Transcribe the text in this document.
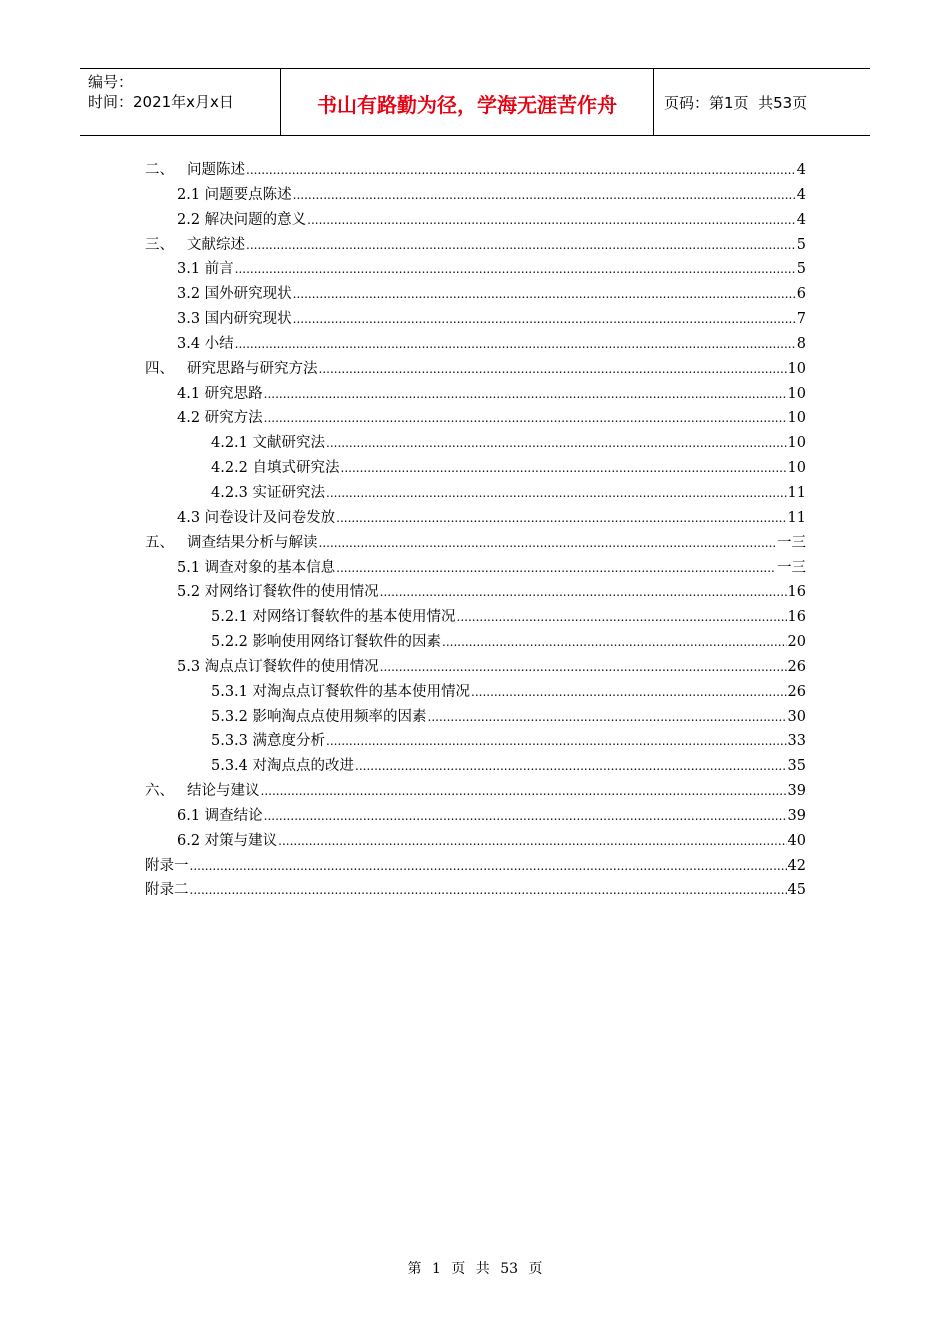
编号：
时间：2021年x月x日	书山有路勤为径，学海无涯苦作舟	页码：第1页  共53页
二、 问题陈述 .....	4
2.1 问题要点陈述 .....	4
2.2 解决问题的意义 .....	4
三、 文献综述 .....	5
3.1 前言 .....	5
3.2 国外研究现状 .....	6
3.3 国内研究现状 .....	7
3.4 小结 .....	8
四、 研究思路与研究方法 .....	10
4.1 研究思路 .....	10
4.2 研究方法 .....	10
4.2.1 文献研究法 .....	10
4.2.2 自填式研究法 .....	10
4.2.3 实证研究法 .....	11
4.3 问卷设计及问卷发放 .....	11
五、 调查结果分析与解读 .....	一三
5.1 调查对象的基本信息 .....	一三
5.2 对网络订餐软件的使用情况 .....	16
5.2.1 对网络订餐软件的基本使用情况 .....	16
5.2.2 影响使用网络订餐软件的因素 .....	20
5.3 淘点点订餐软件的使用情况 .....	26
5.3.1 对淘点点订餐软件的基本使用情况 .....	26
5.3.2 影响淘点点使用频率的因素 .....	30
5.3.3 满意度分析 .....	33
5.3.4 对淘点点的改进 .....	35
六、 结论与建议 .....	39
6.1 调查结论 .....	39
6.2 对策与建议 .....	40
附录一 .....	42
附录二 .....	45
第 1 页 共 53 页
